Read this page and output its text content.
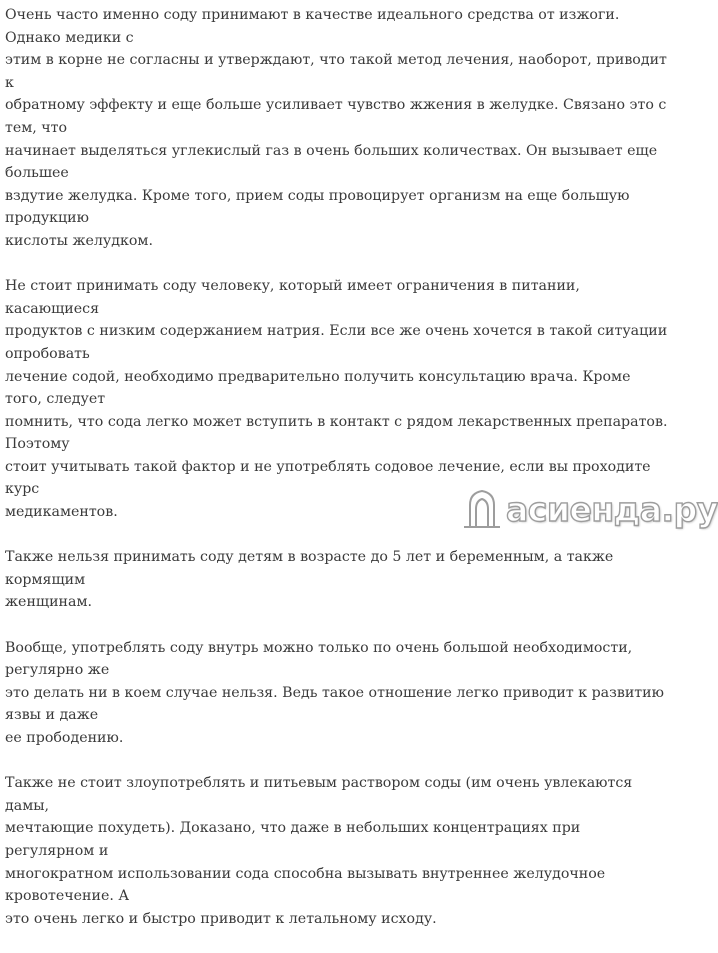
Очень часто именно соду принимают в качестве идеального средства от изжоги. Однако медики с
этим в корне не согласны и утверждают, что такой метод лечения, наоборот, приводит к
обратному эффекту и еще больше усиливает чувство жжения в желудке. Связано это с тем, что
начинает выделяться углекислый газ в очень больших количествах. Он вызывает еще большее
вздутие желудка. Кроме того, прием соды провоцирует организм на еще большую продукцию
кислоты желудком.

Не стоит принимать соду человеку, который имеет ограничения в питании, касающиеся
продуктов с низким содержанием натрия. Если все же очень хочется в такой ситуации опробовать
лечение содой, необходимо предварительно получить консультацию врача. Кроме того, следует
помнить, что сода легко может вступить в контакт с рядом лекарственных препаратов. Поэтому
стоит учитывать такой фактор и не употреблять содовое лечение, если вы проходите курс
медикаментов.

Также нельзя принимать соду детям в возрасте до 5 лет и беременным, а также кормящим
женщинам.

Вообще, употреблять соду внутрь можно только по очень большой необходимости, регулярно же
это делать ни в коем случае нельзя. Ведь такое отношение легко приводит к развитию язвы и даже
ее прободению.

Также не стоит злоупотреблять и питьевым раствором соды (им очень увлекаются дамы,
мечтающие похудеть). Доказано, что даже в небольших концентрациях при регулярном и
многократном использовании сода способна вызывать внутреннее желудочное кровотечение. А
это очень легко и быстро приводит к летальному исходу.

асиенда.ру
